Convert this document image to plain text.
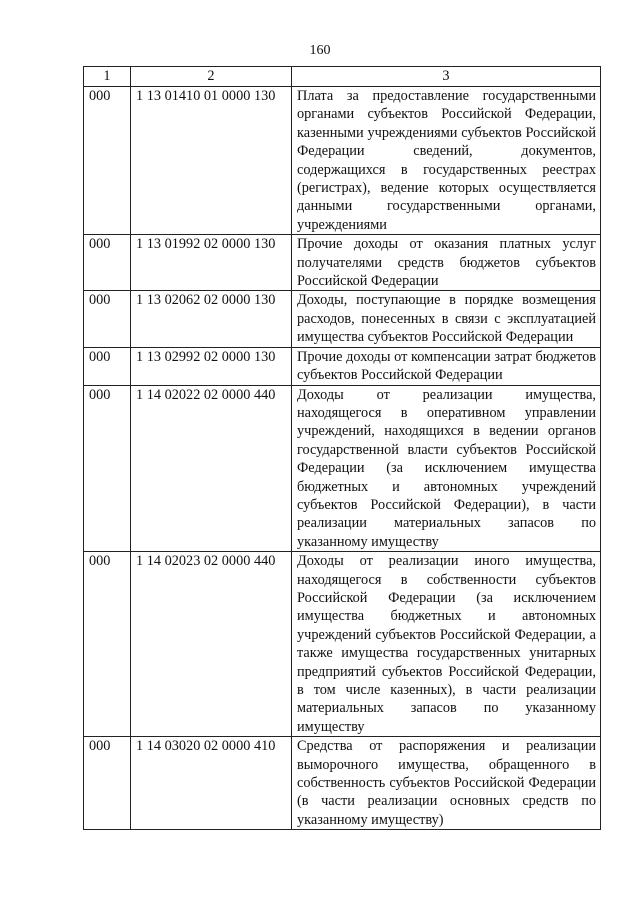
160
1	2	3
000	1 13 01410 01 0000 130	Плата за предоставление государственными органами субъектов Российской Федерации, казенными учреждениями субъектов Российской Федерации сведений, документов, содержащихся в государственных реестрах (регистрах), ведение которых осуществляется данными государственными органами, учреждениями
000	1 13 01992 02 0000 130	Прочие доходы от оказания платных услуг получателями средств бюджетов субъектов Российской Федерации
000	1 13 02062 02 0000 130	Доходы, поступающие в порядке возмещения расходов, понесенных в связи с эксплуатацией имущества субъектов Российской Федерации
000	1 13 02992 02 0000 130	Прочие доходы от компенсации затрат бюджетов субъектов Российской Федерации
000	1 14 02022 02 0000 440	Доходы от реализации имущества, находящегося в оперативном управлении учреждений, находящихся в ведении органов государственной власти субъектов Российской Федерации (за исключением имущества бюджетных и автономных учреждений субъектов Российской Федерации), в части реализации материальных запасов по указанному имуществу
000	1 14 02023 02 0000 440	Доходы от реализации иного имущества, находящегося в собственности субъектов Российской Федерации (за исключением имущества бюджетных и автономных учреждений субъектов Российской Федерации, а также имущества государственных унитарных предприятий субъектов Российской Федерации, в том числе казенных), в части реализации материальных запасов по указанному имуществу
000	1 14 03020 02 0000 410	Средства от распоряжения и реализации выморочного имущества, обращенного в собственность субъектов Российской Федерации (в части реализации основных средств по указанному имуществу)
